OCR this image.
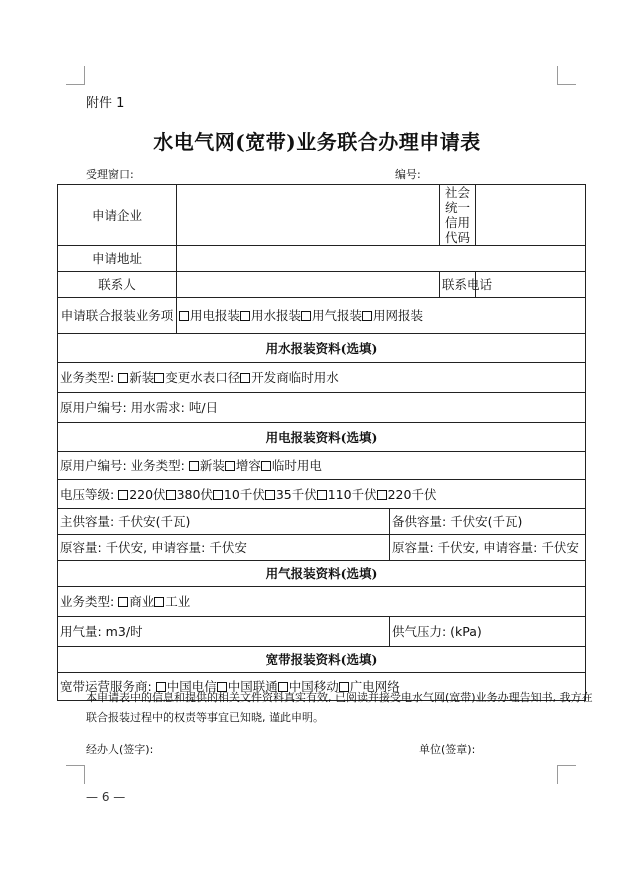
附件 1
水电气网(宽带)业务联合办理申请表
受理窗口:	编号:
申请企业			社会统一信用代码	
申请地址				
联系人			联系电话	
申请联合报装业务项	用电报装 用水报装 用气报装 用网报装			
用水报装资料(选填)				
业务类型: 新装 变更水表口径 开发商临时用水				
原用户编号: 用水需求: 吨/日				
用电报装资料(选填)				
原用户编号: 业务类型: 新装 增容 临时用电				
电压等级: 220伏 380伏 10千伏 35千伏 110千伏 220千伏				
主供容量: 千伏安(千瓦)		备供容量: 千伏安(千瓦)		
原容量: 千伏安, 申请容量: 千伏安		原容量: 千伏安, 申请容量: 千伏安		
用气报装资料(选填)				
业务类型: 商业 工业				
用气量: m3/时		供气压力: (kPa)		
宽带报装资料(选填)				
宽带运营服务商: 中国电信 中国联通 中国移动 广电网络				
本申请表中的信息和提供的相关文件资料真实有效, 已阅读并接受电水气网(宽带)业务办理告知书, 我方在联合报装过程中的权责等事宜已知晓, 谨此申明。
经办人(签字):	单位(签章):
— 6 —
